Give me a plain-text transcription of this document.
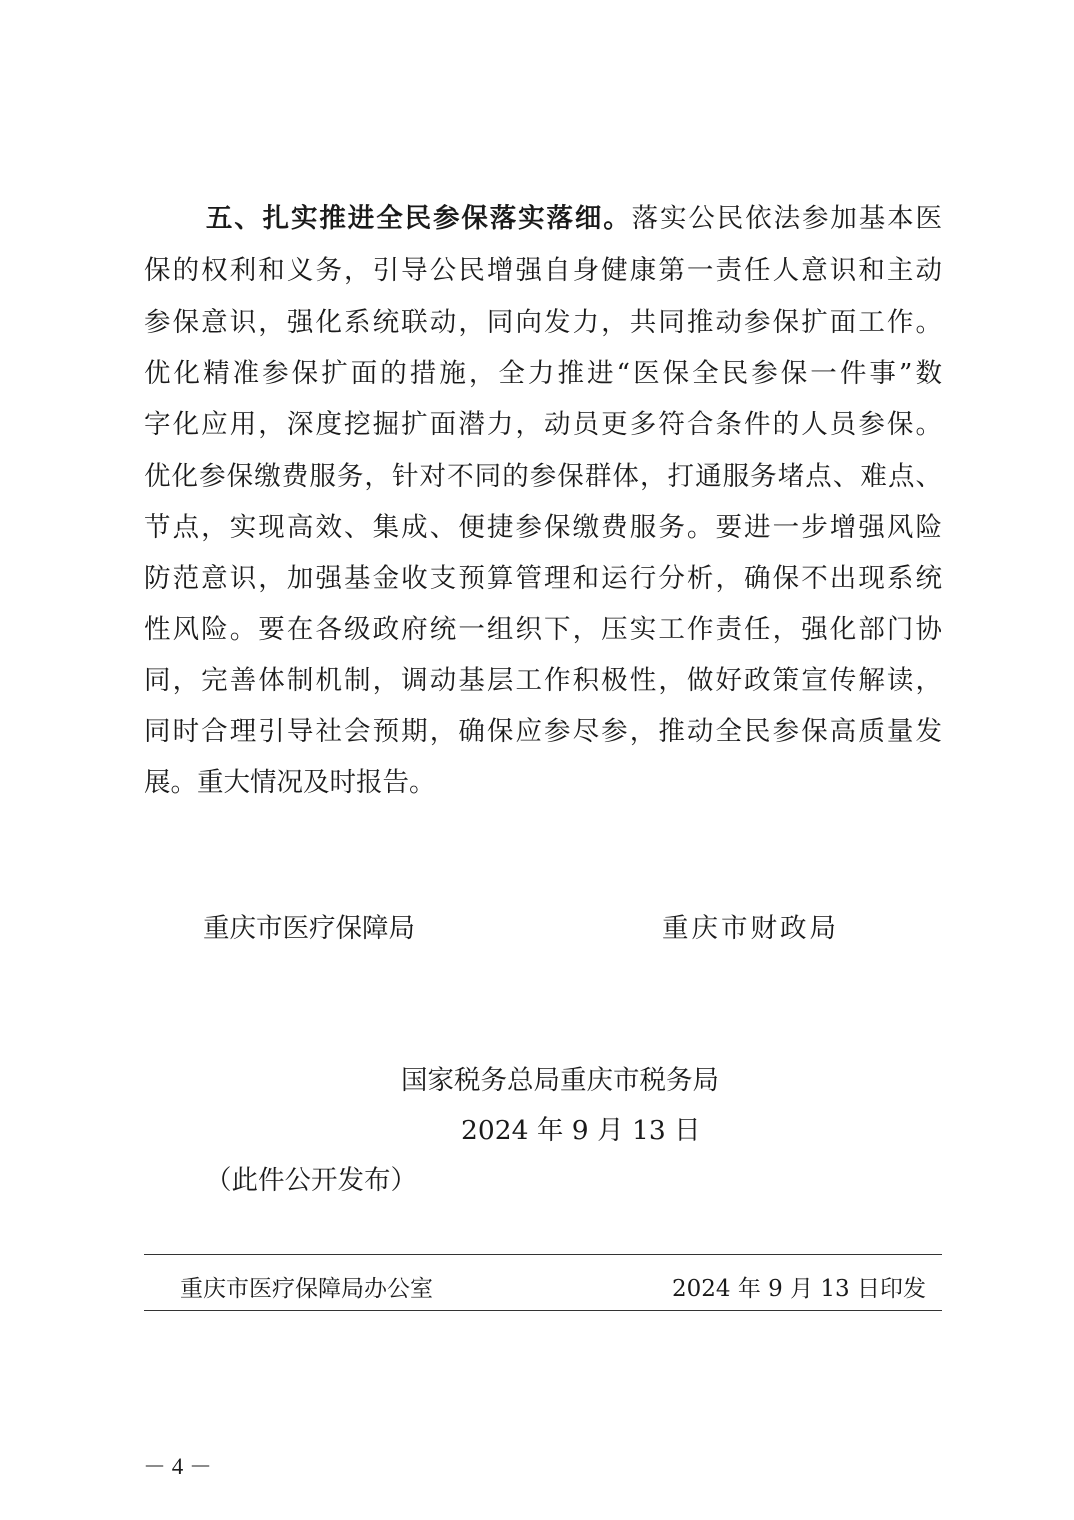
五、扎实推进全民参保落实落细。落实公民依法参加基本医
保的权利和义务，引导公民增强自身健康第一责任人意识和主动
参保意识，强化系统联动，同向发力，共同推动参保扩面工作。
优化精准参保扩面的措施，全力推进“医保全民参保一件事”数
字化应用，深度挖掘扩面潜力，动员更多符合条件的人员参保。
优化参保缴费服务，针对不同的参保群体，打通服务堵点、难点、
节点，实现高效、集成、便捷参保缴费服务。要进一步增强风险
防范意识，加强基金收支预算管理和运行分析，确保不出现系统
性风险。要在各级政府统一组织下，压实工作责任，强化部门协
同，完善体制机制，调动基层工作积极性，做好政策宣传解读，
同时合理引导社会预期，确保应参尽参，推动全民参保高质量发
展。重大情况及时报告。
重庆市医疗保障局	重庆市财政局
国家税务总局重庆市税务局
2024 年 9 月 13 日
（此件公开发布）
重庆市医疗保障局办公室	2024 年 9 月 13 日印发
－ 4 －
